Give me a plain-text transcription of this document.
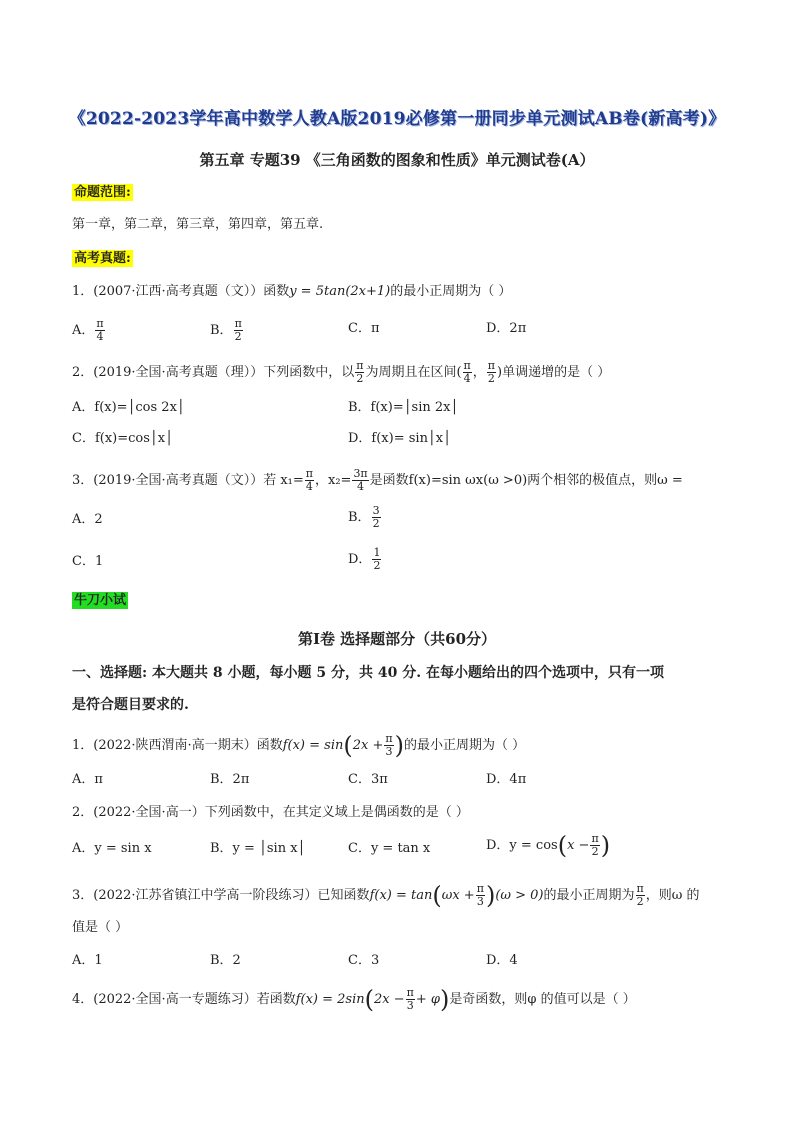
《2022-2023学年高中数学人教A版2019必修第一册同步单元测试AB卷(新高考)》
第五章 专题39 《三角函数的图象和性质》单元测试卷(A）
命题范围:
第一章，第二章，第三章，第四章，第五章.
高考真题:
1．(2007·江西·高考真题（文））函数y = 5tan(2x+1)的最小正周期为（ ）
A． $\frac{\pi}{4}$	B． $\frac{\pi}{2}$	C．π	D．2π
2．(2019·全国·高考真题（理））下列函数中，以 $\frac{\pi}{2}$ 为周期且在区间( $\frac{\pi}{4}$ ， $\frac{\pi}{2}$ )单调递增的是（ ）
A．f(x)=│cos 2x│	B．f(x)=│sin 2x│
C．f(x)=cos│x│	D．f(x)= sin│x│
3．(2019·全国·高考真题（文））若 $x_1= \frac{\pi}{4}$ ，$x_2= \frac{3\pi}{4}$ 是函数f(x)=sin ωx(ω >0)两个相邻的极值点，则ω =
A．2	B． $\frac{3}{2}$
C．1	D． $\frac{1}{2}$
牛刀小试
第Ⅰ卷 选择题部分（共60分）
一、选择题: 本大题共 8 小题，每小题 5 分，共 40 分. 在每小题给出的四个选项中，只有一项
是符合题目要求的.
1．(2022·陕西渭南·高一期末）函数$f(x) = \sin(2x + \frac{\pi}{3}$ )的最小正周期为（ ）
A．π	B．2π	C．3π	D．4π
2．(2022·全国·高一）下列函数中，在其定义域上是偶函数的是（ ）
A．y = sin x	B．y = │sin x│	C．y = tan x	D．$y = \cos(x - \frac{\pi}{2}$ )
3．(2022·江苏省镇江中学高一阶段练习）已知函数$f(x) = \tan(\omega x + \frac{\pi}{3} )(\omega > 0)$的最小正周期为 $\frac{\pi}{2}$ ，则ω 的
值是（ ）
A．1	B．2	C．3	D．4
4．(2022·全国·高一专题练习）若函数$f(x) = 2\sin(2x - \frac{\pi}{3} + \varphi)$是奇函数，则φ 的值可以是（ ）
